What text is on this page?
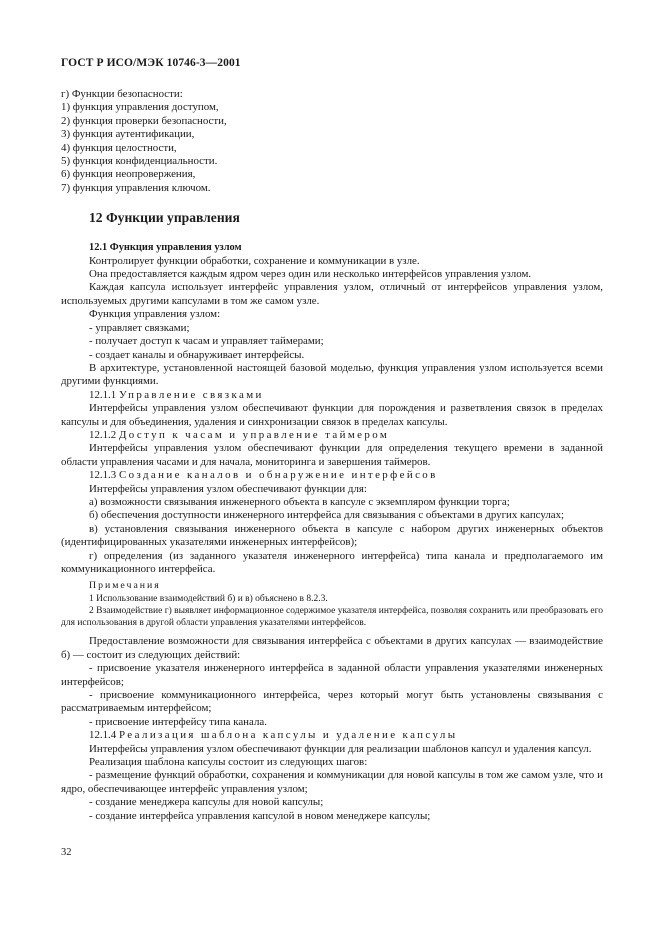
ГОСТ Р ИСО/МЭК 10746-3—2001

г) Функции безопасности:

1) функция управления доступом,

2) функция проверки безопасности,

3) функция аутентификации,

4) функция целостности,

5) функция конфиденциальности.

6) функция неопровержения,

7) функция управления ключом.

12 Функции управления

12.1 Функция управления узлом

Контролирует функции обработки, сохранение и коммуникации в узле.

Она предоставляется каждым ядром через один или несколько интерфейсов управления узлом.

Каждая капсула использует интерфейс управления узлом, отличный от интерфейсов управления узлом, используемых другими капсулами в том же самом узле.

Функция управления узлом:

- управляет связками;

- получает доступ к часам и управляет таймерами;

- создает каналы и обнаруживает интерфейсы.

В архитектуре, установленной настоящей базовой моделью, функция управления узлом используется всеми другими функциями.

12.1.1 Управление связками

Интерфейсы управления узлом обеспечивают функции для порождения и разветвления связок в пределах капсулы и для объединения, удаления и синхронизации связок в пределах капсулы.

12.1.2 Доступ к часам и управление таймером

Интерфейсы управления узлом обеспечивают функции для определения текущего времени в заданной области управления часами и для начала, мониторинга и завершения таймеров.

12.1.3 Создание каналов и обнаружение интерфейсов

Интерфейсы управления узлом обеспечивают функции для:

а) возможности связывания инженерного объекта в капсуле с экземпляром функции торга;

б) обеспечения доступности инженерного интерфейса для связывания с объектами в других капсулах;

в) установления связывания инженерного объекта в капсуле с набором других инженерных объектов (идентифицированных указателями инженерных интерфейсов);

г) определения (из заданного указателя инженерного интерфейса) типа канала и предполагаемого им коммуникационного интерфейса.

Примечания

1 Использование взаимодействий б) и в) объяснено в 8.2.3.

2 Взаимодействие г) выявляет информационное содержимое указателя интерфейса, позволяя сохранить или преобразовать его для использования в другой области управления указателями интерфейсов.

Предоставление возможности для связывания интерфейса с объектами в других капсулах — взаимодействие б) — состоит из следующих действий:

- присвоение указателя инженерного интерфейса в заданной области управления указателями инженерных интерфейсов;

- присвоение коммуникационного интерфейса, через который могут быть установлены связывания с рассматриваемым интерфейсом;

- присвоение интерфейсу типа канала.

12.1.4 Реализация шаблона капсулы и удаление капсулы

Интерфейсы управления узлом обеспечивают функции для реализации шаблонов капсул и удаления капсул.

Реализация шаблона капсулы состоит из следующих шагов:

- размещение функций обработки, сохранения и коммуникации для новой капсулы в том же самом узле, что и ядро, обеспечивающее интерфейс управления узлом;

- создание менеджера капсулы для новой капсулы;

- создание интерфейса управления капсулой в новом менеджере капсулы;

32
